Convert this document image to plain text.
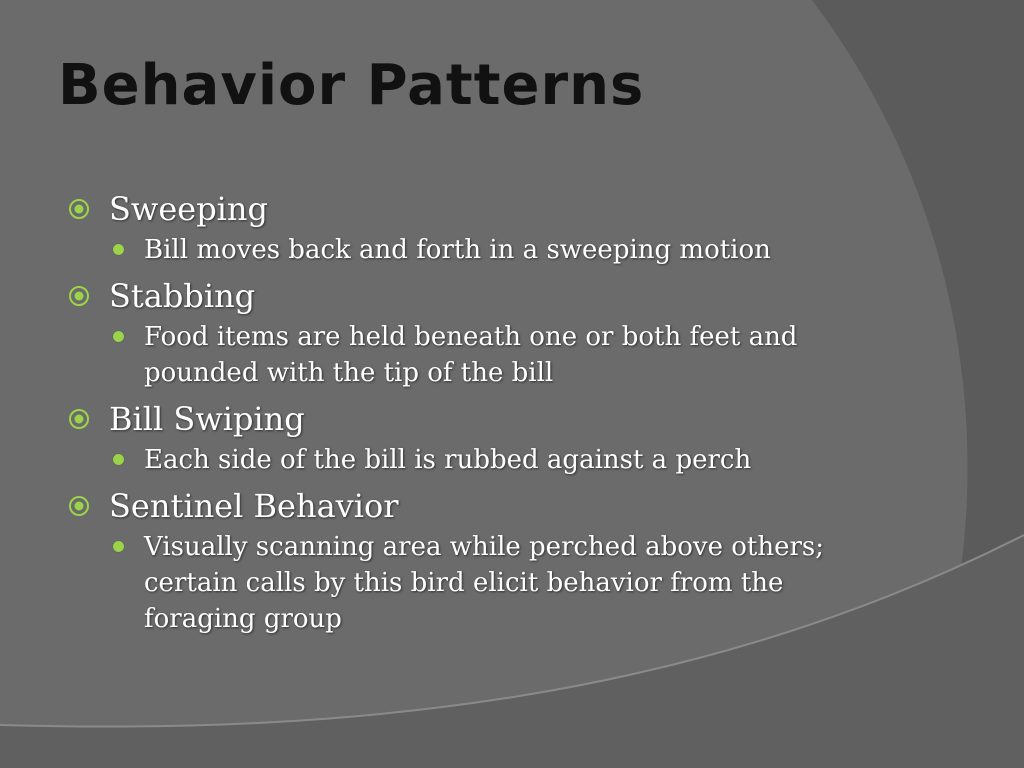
Behavior Patterns
Sweeping
Bill moves back and forth in a sweeping motion
Stabbing
Food items are held beneath one or both feet and pounded with the tip of the bill
Bill Swiping
Each side of the bill is rubbed against a perch
Sentinel Behavior
Visually scanning area while perched above others; certain calls by this bird elicit behavior from the foraging group
